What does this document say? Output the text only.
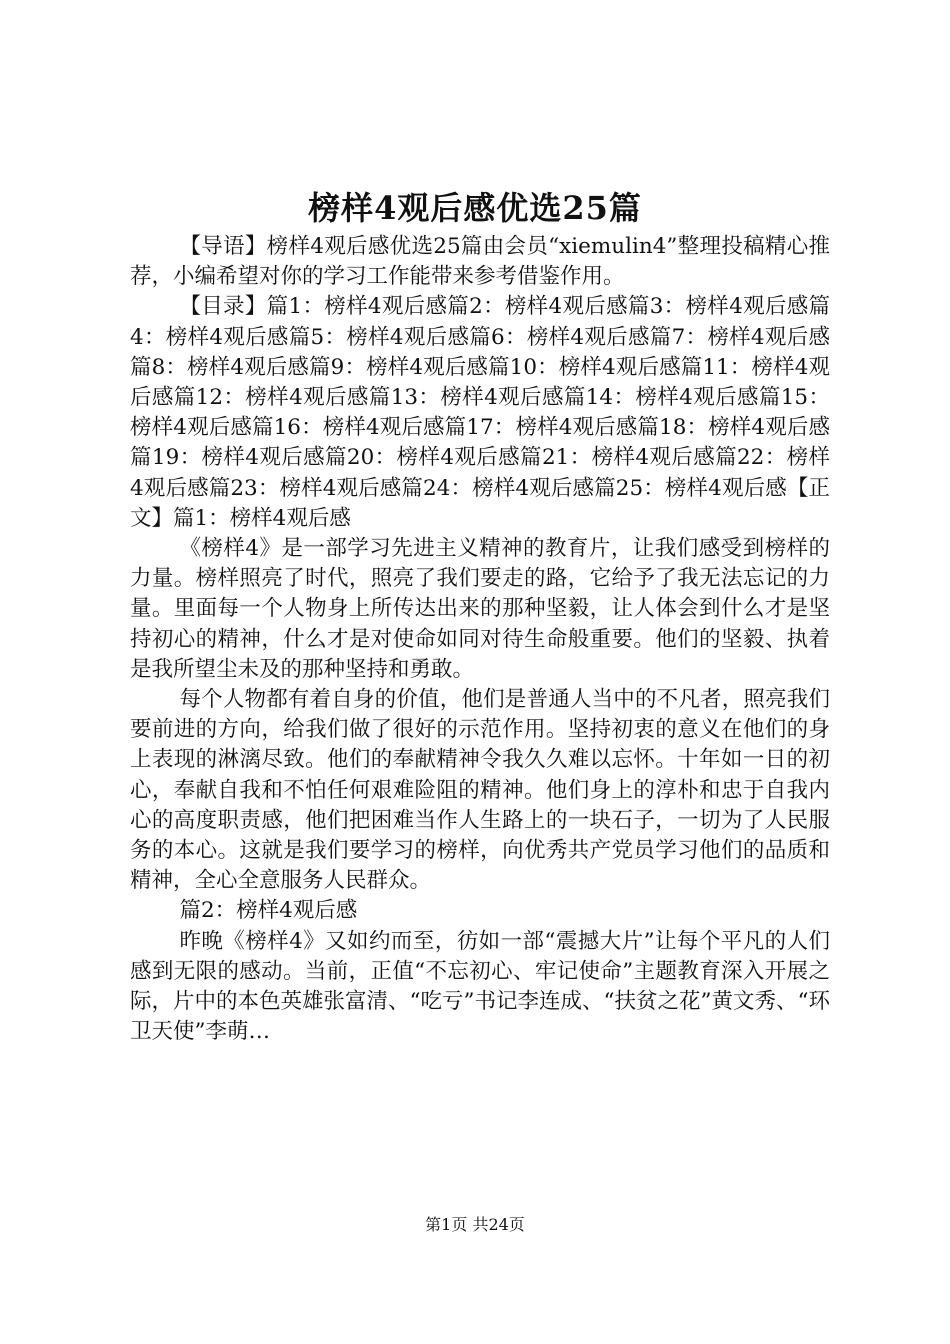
榜样4观后感优选25篇

【导语】榜样4观后感优选25篇由会员“xiemulin4”整理投稿精心推荐，小编希望对你的学习工作能带来参考借鉴作用。

【目录】篇1：榜样4观后感篇2：榜样4观后感篇3：榜样4观后感篇4：榜样4观后感篇5：榜样4观后感篇6：榜样4观后感篇7：榜样4观后感篇8：榜样4观后感篇9：榜样4观后感篇10：榜样4观后感篇11：榜样4观后感篇12：榜样4观后感篇13：榜样4观后感篇14：榜样4观后感篇15：榜样4观后感篇16：榜样4观后感篇17：榜样4观后感篇18：榜样4观后感篇19：榜样4观后感篇20：榜样4观后感篇21：榜样4观后感篇22：榜样4观后感篇23：榜样4观后感篇24：榜样4观后感篇25：榜样4观后感【正文】篇1：榜样4观后感

《榜样4》是一部学习先进主义精神的教育片，让我们感受到榜样的力量。榜样照亮了时代，照亮了我们要走的路，它给予了我无法忘记的力量。里面每一个人物身上所传达出来的那种坚毅，让人体会到什么才是坚持初心的精神，什么才是对使命如同对待生命般重要。他们的坚毅、执着是我所望尘未及的那种坚持和勇敢。

每个人物都有着自身的价值，他们是普通人当中的不凡者，照亮我们要前进的方向，给我们做了很好的示范作用。坚持初衷的意义在他们的身上表现的淋漓尽致。他们的奉献精神令我久久难以忘怀。十年如一日的初心，奉献自我和不怕任何艰难险阻的精神。他们身上的淳朴和忠于自我内心的高度职责感，他们把困难当作人生路上的一块石子，一切为了人民服务的本心。这就是我们要学习的榜样，向优秀共产党员学习他们的品质和精神，全心全意服务人民群众。

篇2：榜样4观后感

昨晚《榜样4》又如约而至，彷如一部“震撼大片”让每个平凡的人们感到无限的感动。当前，正值“不忘初心、牢记使命”主题教育深入开展之际，片中的本色英雄张富清、“吃亏”书记李连成、“扶贫之花”黄文秀、“环卫天使”李萌…

第1页 共24页
